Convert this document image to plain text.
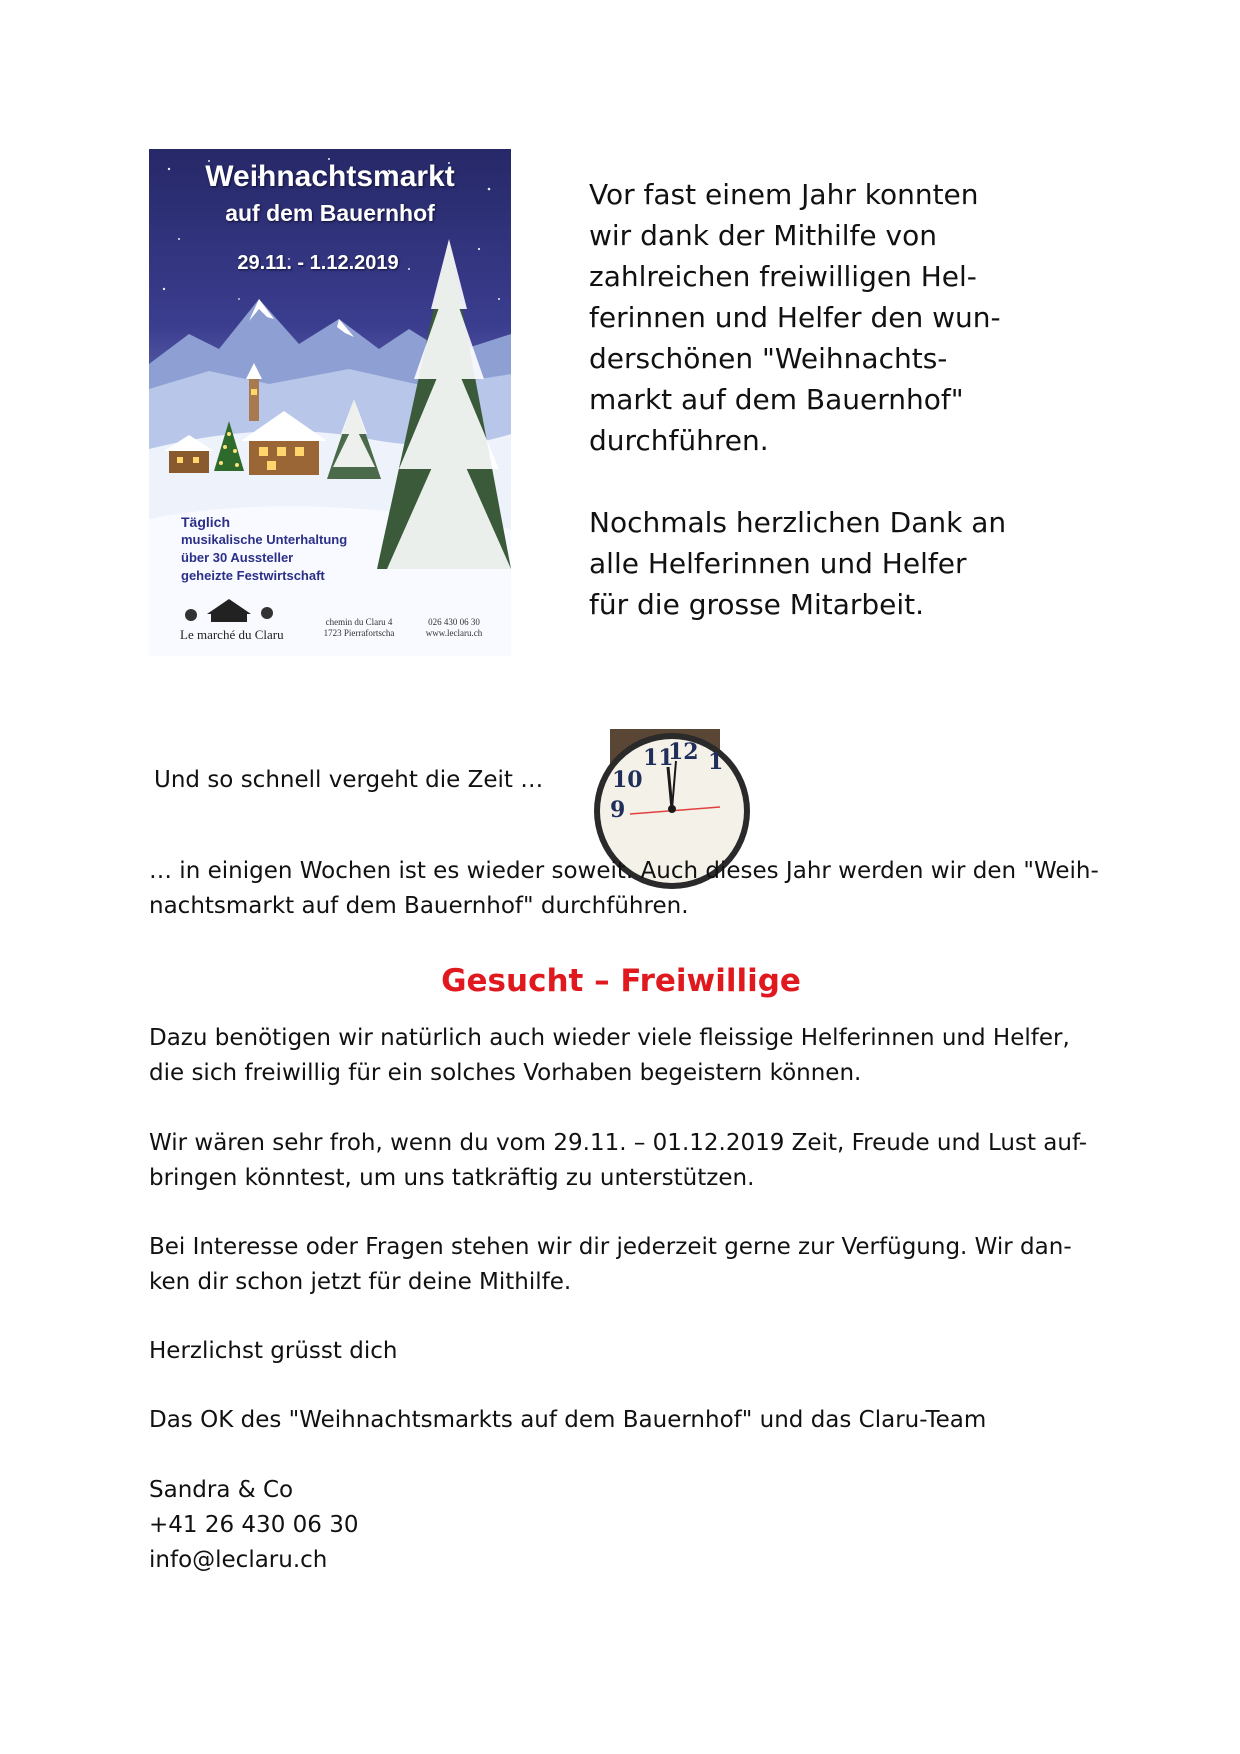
Weihnachtsmarkt
auf dem Bauernhof
29.11. - 1.12.2019
Täglich
musikalische Unterhaltung
über 30 Aussteller
geheizte Festwirtschaft
Le marché du Claru
chemin du Claru 4
1723 Pierrafortscha
026 430 06 30
www.leclaru.ch
Vor fast einem Jahr konnten
wir dank der Mithilfe von
zahlreichen freiwilligen Hel-
ferinnen und Helfer den wun-
derschönen "Weihnachts-
markt auf dem Bauernhof"
durchführen.
Nochmals herzlichen Dank an
alle Helferinnen und Helfer
für die grosse Mitarbeit.
Und so schnell vergeht die Zeit …
11
12
10
9
1
… in einigen Wochen ist es wieder soweit. Auch dieses Jahr werden wir den "Weih-
nachtsmarkt auf dem Bauernhof" durchführen.
Gesucht – Freiwillige
Dazu benötigen wir natürlich auch wieder viele fleissige Helferinnen und Helfer,
die sich freiwillig für ein solches Vorhaben begeistern können.
Wir wären sehr froh, wenn du vom 29.11. – 01.12.2019 Zeit, Freude und Lust auf-
bringen könntest, um uns tatkräftig zu unterstützen.
Bei Interesse oder Fragen stehen wir dir jederzeit gerne zur Verfügung. Wir dan-
ken dir schon jetzt für deine Mithilfe.
Herzlichst grüsst dich
Das OK des "Weihnachtsmarkts auf dem Bauernhof" und das Claru-Team
Sandra & Co
+41 26 430 06 30
info@leclaru.ch
